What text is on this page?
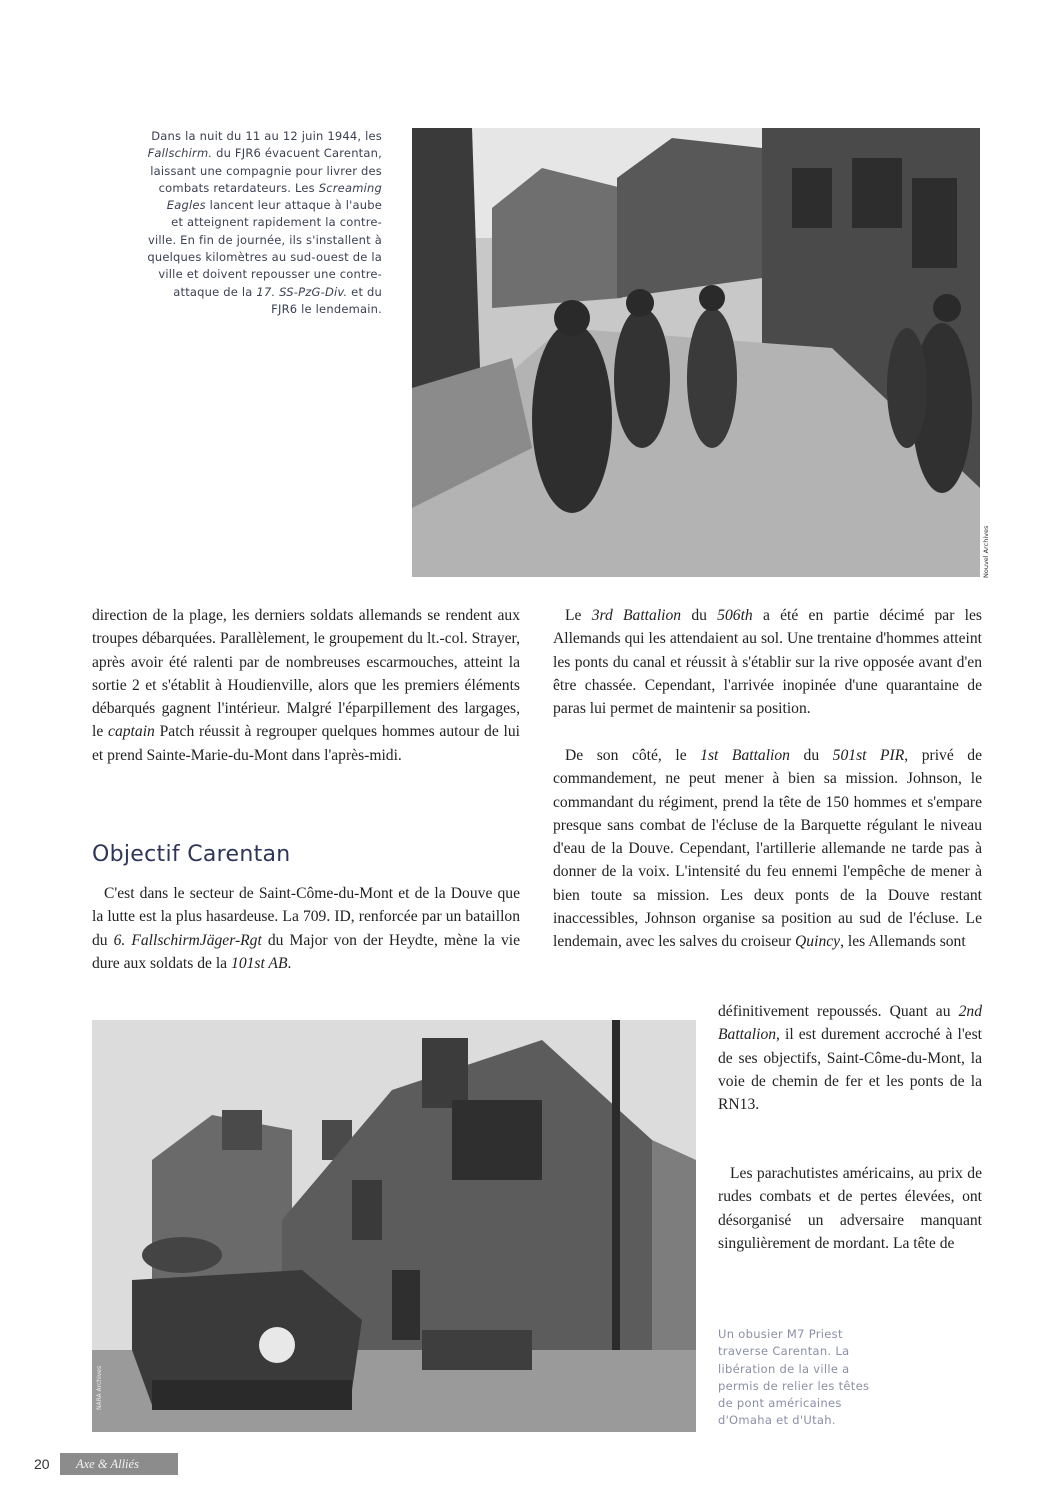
Dans la nuit du 11 au 12 juin 1944, les
Fallschirm. du FJR6 évacuent Carentan,
laissant une compagnie pour livrer des
combats retardateurs. Les Screaming
Eagles lancent leur attaque à l'aube
et atteignent rapidement la contre-
ville. En fin de journée, ils s'installent à
quelques kilomètres au sud-ouest de la
ville et doivent repousser une contre-
attaque de la 17. SS-PzG-Div. et du
FJR6 le lendemain.
Nouvel Archives

direction de la plage, les derniers soldats allemands se rendent aux troupes débarquées. Parallèlement, le groupement du lt.-col. Strayer, après avoir été ralenti par de nombreuses escarmouches, atteint la sortie 2 et s'établit à Houdienville, alors que les premiers éléments débarqués gagnent l'intérieur. Malgré l'éparpillement des largages, le captain Patch réussit à regrouper quelques hommes autour de lui et prend Sainte-Marie-du-Mont dans l'après-midi.

Objectif Carentan

C'est dans le secteur de Saint-Côme-du-Mont et de la Douve que la lutte est la plus hasardeuse. La 709. ID, renforcée par un bataillon du 6. FallschirmJäger-Rgt du Major von der Heydte, mène la vie dure aux soldats de la 101st AB.

Le 3rd Battalion du 506th a été en partie décimé par les Allemands qui les attendaient au sol. Une trentaine d'hommes atteint les ponts du canal et réussit à s'établir sur la rive opposée avant d'en être chassée. Cependant, l'arrivée inopinée d'une quarantaine de paras lui permet de maintenir sa position.

De son côté, le 1st Battalion du 501st PIR, privé de commandement, ne peut mener à bien sa mission. Johnson, le commandant du régiment, prend la tête de 150 hommes et s'empare presque sans combat de l'écluse de la Barquette régulant le niveau d'eau de la Douve. Cependant, l'artillerie allemande ne tarde pas à donner de la voix. L'intensité du feu ennemi l'empêche de mener à bien toute sa mission. Les deux ponts de la Douve restant inaccessibles, Johnson organise sa position au sud de l'écluse. Le lendemain, avec les salves du croiseur Quincy, les Allemands sont

définitivement repoussés. Quant au 2nd Battalion, il est durement accroché à l'est de ses objectifs, Saint-Côme-du-Mont, la voie de chemin de fer et les ponts de la RN13.

Les parachutistes américains, au prix de rudes combats et de pertes élevées, ont désorganisé un adversaire manquant singulièrement de mordant. La tête de

NARA Archives
Un obusier M7 Priest
traverse Carentan. La
libération de la ville a
permis de relier les têtes
de pont américaines
d'Omaha et d'Utah.
20	Axe & Alliés
